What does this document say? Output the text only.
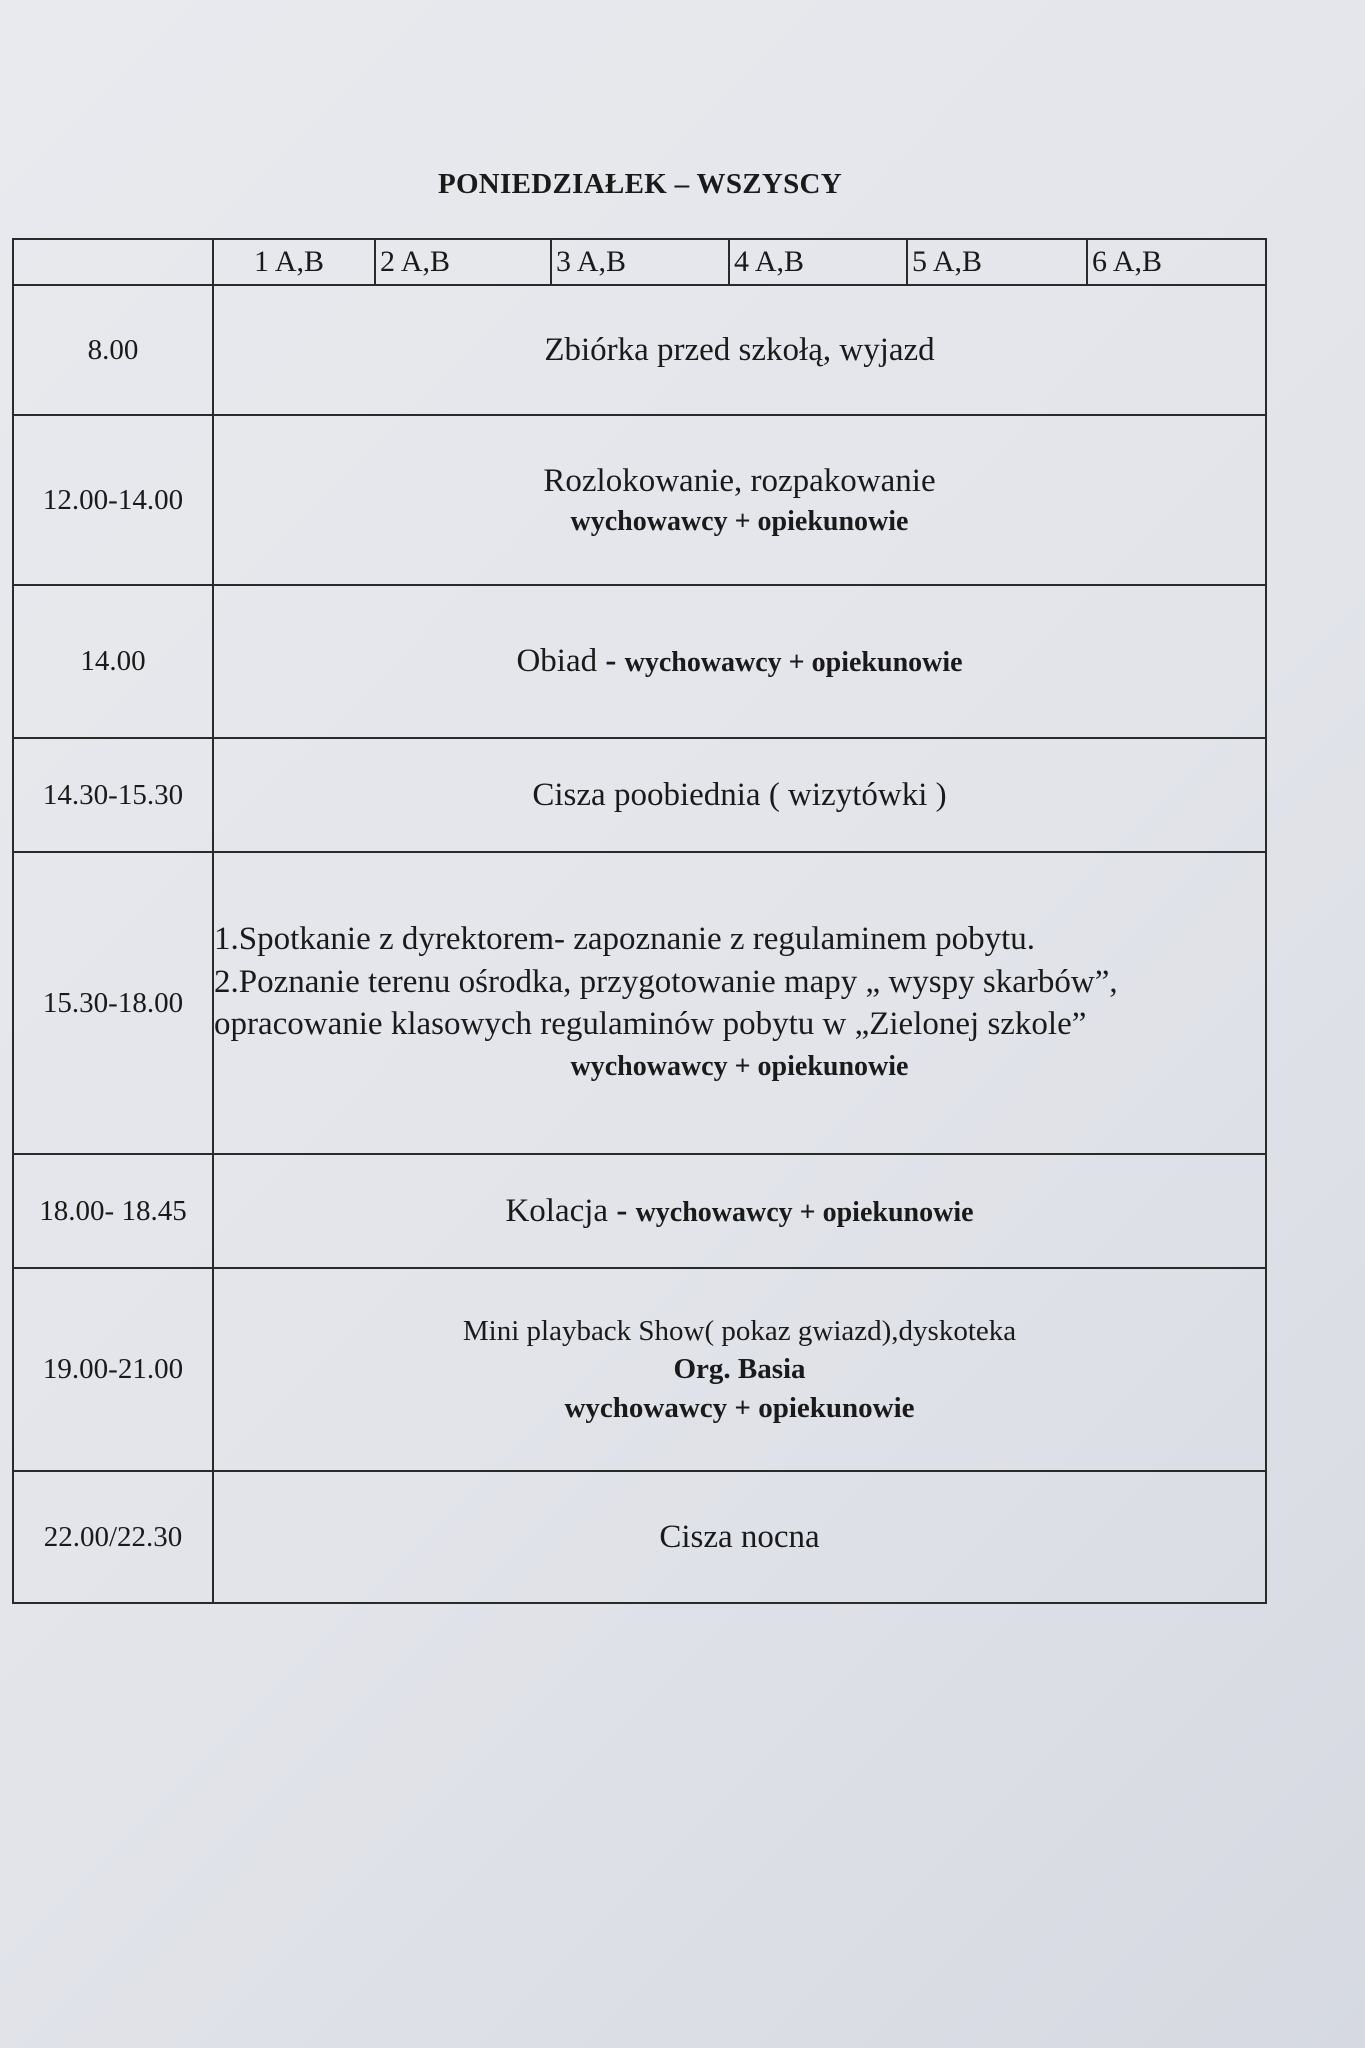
PONIEDZIAŁEK – WSZYSCY
	1 A,B	2 A,B	3 A,B	4 A,B	5 A,B	6 A,B
8.00	Zbiórka przed szkołą, wyjazd					
12.00-14.00	Rozlokowanie, rozpakowanie
wychowawcy + opiekunowie					

14.00	Obiad - wychowawcy + opiekunowie					
14.30-15.30	Cisza poobiednia ( wizytówki )					
15.30-18.00	1.Spotkanie z dyrektorem- zapoznanie z regulaminem pobytu.
2.Poznanie terenu ośrodka, przygotowanie mapy „ wyspy skarbów”, opracowanie klasowych regulaminów pobytu w „Zielonej szkole”
wychowawcy + opiekunowie					

18.00- 18.45	Kolacja - wychowawcy + opiekunowie					
19.00-21.00	Mini playback Show( pokaz gwiazd),dyskoteka
Org. Basia
wychowawcy + opiekunowie					

22.00/22.30	Cisza nocna					
